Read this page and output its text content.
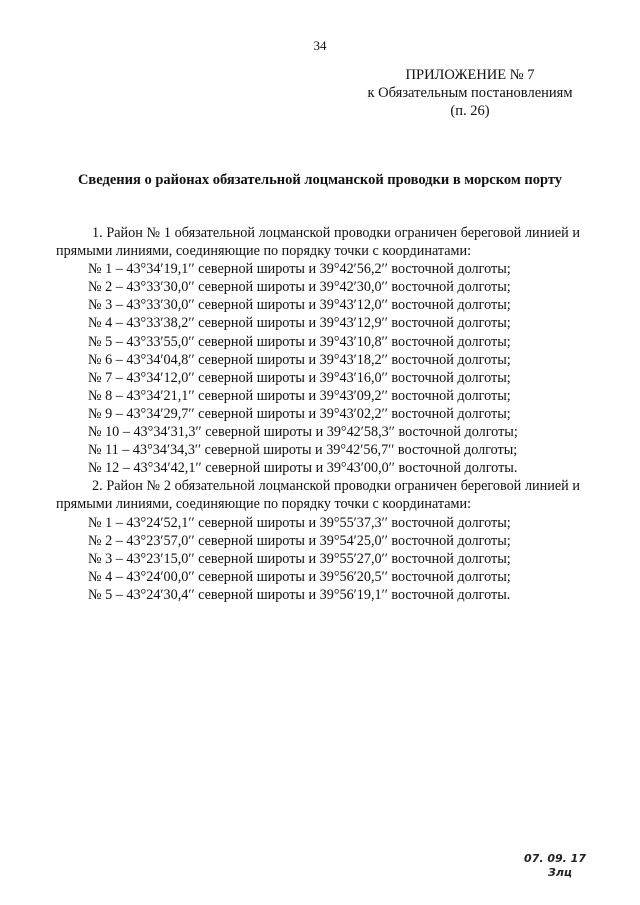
34
ПРИЛОЖЕНИЕ № 7
к Обязательным постановлениям
(п. 26)
Сведения о районах обязательной лоцманской проводки в морском порту

1. Район № 1 обязательной лоцманской проводки ограничен береговой линией и прямыми линиями, соединяющие по порядку точки с координатами:

№ 1 – 43°34′19,1′′ северной широты и 39°42′56,2′′ восточной долготы;
№ 2 – 43°33′30,0′′ северной широты и 39°42′30,0′′ восточной долготы;
№ 3 – 43°33′30,0′′ северной широты и 39°43′12,0′′ восточной долготы;
№ 4 – 43°33′38,2′′ северной широты и 39°43′12,9′′ восточной долготы;
№ 5 – 43°33′55,0′′ северной широты и 39°43′10,8′′ восточной долготы;
№ 6 – 43°34′04,8′′ северной широты и 39°43′18,2′′ восточной долготы;
№ 7 – 43°34′12,0′′ северной широты и 39°43′16,0′′ восточной долготы;
№ 8 – 43°34′21,1′′ северной широты и 39°43′09,2′′ восточной долготы;
№ 9 – 43°34′29,7′′ северной широты и 39°43′02,2′′ восточной долготы;
№ 10 – 43°34′31,3′′ северной широты и 39°42′58,3′′ восточной долготы;
№ 11 – 43°34′34,3′′ северной широты и 39°42′56,7′′ восточной долготы;
№ 12 – 43°34′42,1′′ северной широты и 39°43′00,0′′ восточной долготы.

2. Район № 2 обязательной лоцманской проводки ограничен береговой линией и прямыми линиями, соединяющие по порядку точки с координатами:

№ 1 – 43°24′52,1′′ северной широты и 39°55′37,3′′ восточной долготы;
№ 2 – 43°23′57,0′′ северной широты и 39°54′25,0′′ восточной долготы;
№ 3 – 43°23′15,0′′ северной широты и 39°55′27,0′′ восточной долготы;
№ 4 – 43°24′00,0′′ северной широты и 39°56′20,5′′ восточной долготы;
№ 5 – 43°24′30,4′′ северной широты и 39°56′19,1′′ восточной долготы.
07. 09. 17
Злц
